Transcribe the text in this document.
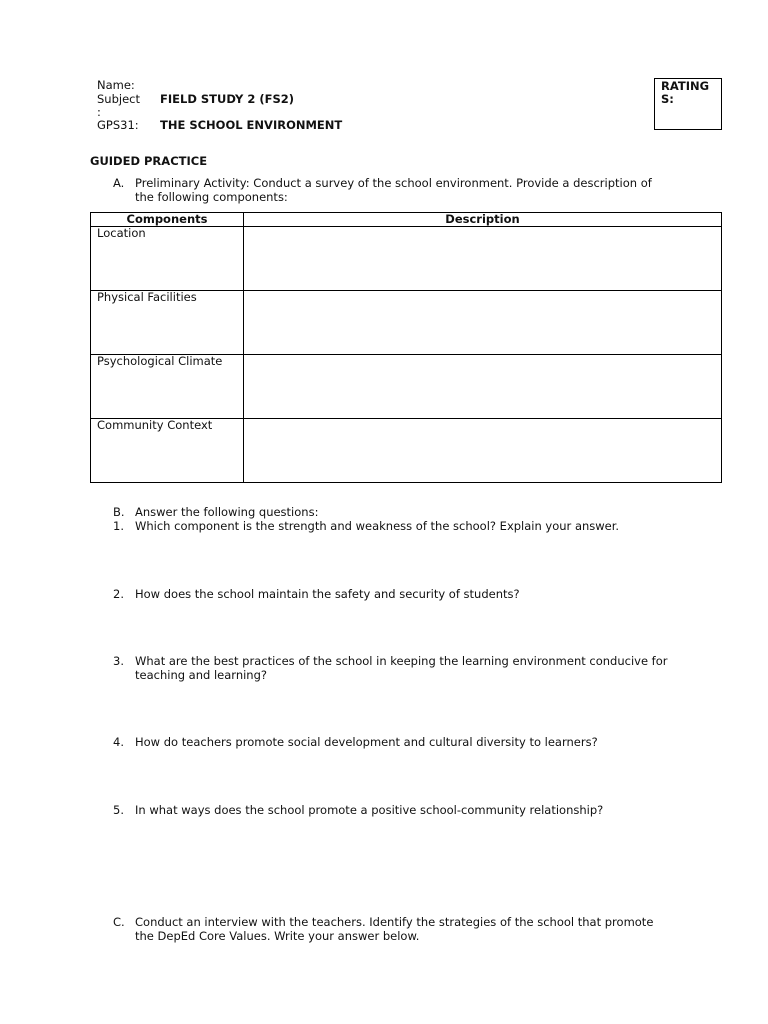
Name:
Subject
:
FIELD STUDY 2 (FS2)
GPS31: THE SCHOOL ENVIRONMENT
RATINGS:
GUIDED PRACTICE
A. Preliminary Activity: Conduct a survey of the school environment. Provide a description of
the following components:
Components	Description
Location	
Physical Facilities	
Psychological Climate	
Community Context	
B. Answer the following questions:
1. Which component is the strength and weakness of the school? Explain your answer.
2. How does the school maintain the safety and security of students?
3. What are the best practices of the school in keeping the learning environment conducive for
teaching and learning?
4. How do teachers promote social development and cultural diversity to learners?
5. In what ways does the school promote a positive school-community relationship?
C. Conduct an interview with the teachers. Identify the strategies of the school that promote
the DepEd Core Values. Write your answer below.
